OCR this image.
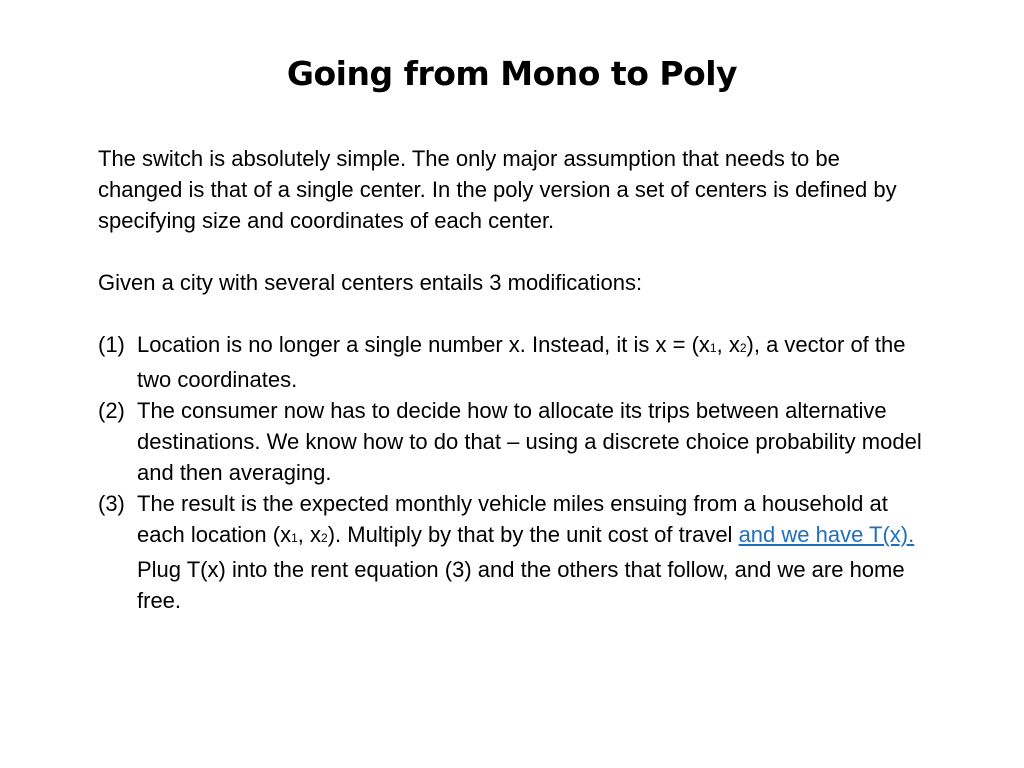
Going from Mono to Poly

The switch is absolutely simple. The only major assumption that needs to be changed is that of a single center. In the poly version a set of centers is defined by specifying size and coordinates of each center.

Given a city with several centers entails 3 modifications:

(1) Location is no longer a single number x. Instead, it is x = (x1, x2), a vector of the two coordinates.
(2) The consumer now has to decide how to allocate its trips between alternative destinations. We know how to do that – using a discrete choice probability model and then averaging.
(3) The result is the expected monthly vehicle miles ensuing from a household at each location (x1, x2). Multiply by that by the unit cost of travel and we have T(x). Plug T(x) into the rent equation (3) and the others that follow, and we are home free.
